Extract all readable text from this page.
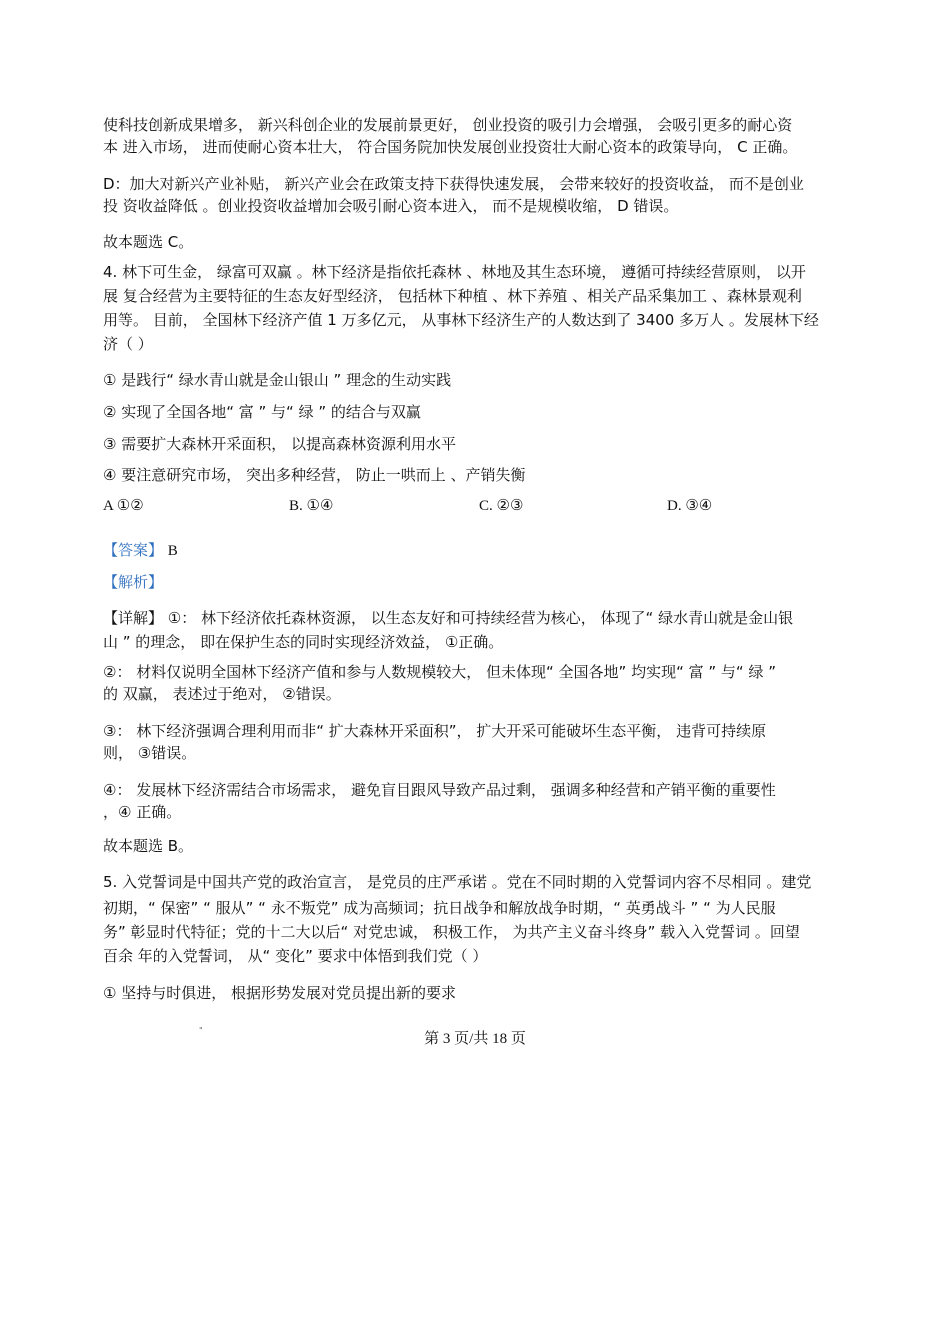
使科技创新成果增多， 新兴科创企业的发展前景更好， 创业投资的吸引力会增强， 会吸引更多的耐心资
本 进入市场， 进而使耐心资本壮大， 符合国务院加快发展创业投资壮大耐心资本的政策导向， C 正确。
D：加大对新兴产业补贴， 新兴产业会在政策支持下获得快速发展， 会带来较好的投资收益， 而不是创业
投 资收益降低 。创业投资收益增加会吸引耐心资本进入， 而不是规模收缩， D 错误。
故本题选 C。
4. 林下可生金， 绿富可双赢 。林下经济是指依托森林 、林地及其生态环境， 遵循可持续经营原则， 以开
展 复合经营为主要特征的生态友好型经济， 包括林下种植 、林下养殖 、相关产品采集加工 、森林景观利
用等。 目前， 全国林下经济产值 1 万多亿元， 从事林下经济生产的人数达到了 3400 多万人 。发展林下经
济（ ）
① 是践行“ 绿水青山就是金山银山 ” 理念的生动实践
② 实现了全国各地“ 富 ” 与“ 绿 ” 的结合与双赢
③ 需要扩大森林开采面积， 以提高森林资源利用水平
④ 要注意研究市场， 突出多种经营， 防止一哄而上 、产销失衡
A ①②	B. ①④	C. ②③	D. ③④
【答案】 B
【解析】
【详解】 ①： 林下经济依托森林资源， 以生态友好和可持续经营为核心， 体现了“ 绿水青山就是金山银
山 ” 的理念， 即在保护生态的同时实现经济效益， ①正确。
②： 材料仅说明全国林下经济产值和参与人数规模较大， 但未体现“ 全国各地” 均实现“ 富 ” 与“ 绿 ”
的 双赢， 表述过于绝对， ②错误。
③： 林下经济强调合理利用而非“ 扩大森林开采面积”， 扩大开采可能破坏生态平衡， 违背可持续原
则， ③错误。
④： 发展林下经济需结合市场需求， 避免盲目跟风导致产品过剩， 强调多种经营和产销平衡的重要性
，④ 正确。
故本题选 B。
5. 入党誓词是中国共产党的政治宣言， 是党员的庄严承诺 。党在不同时期的入党誓词内容不尽相同 。建党
初期，“ 保密” “ 服从” “ 永不叛党” 成为高频词；抗日战争和解放战争时期，“ 英勇战斗 ” “ 为人民服
务” 彰显时代特征；党的十二大以后“ 对党忠诚， 积极工作， 为共产主义奋斗终身” 载入入党誓词 。回望
百余 年的入党誓词， 从“ 变化” 要求中体悟到我们党（ ）
① 坚持与时俱进， 根据形势发展对党员提出新的要求
"
第 3 页/共 18 页
